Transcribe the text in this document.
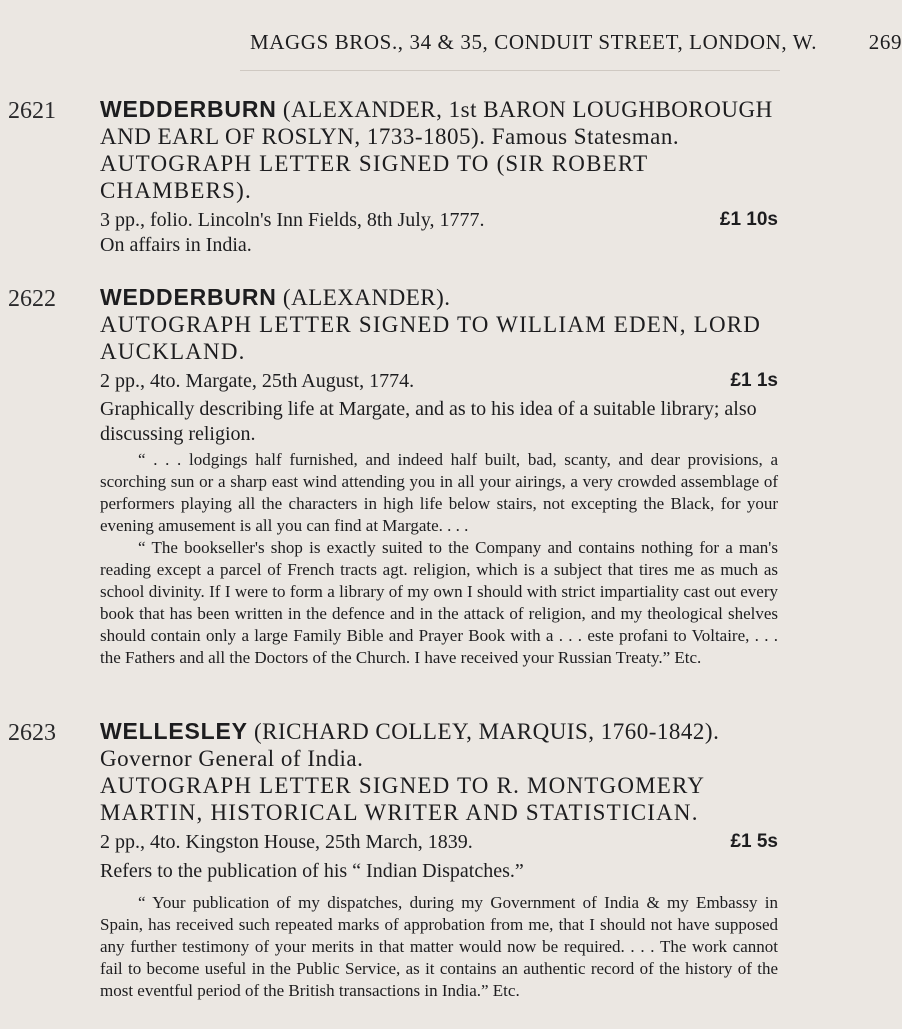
MAGGS BROS., 34 & 35, CONDUIT STREET, LONDON, W. 269
2621 WEDDERBURN (ALEXANDER, 1st BARON LOUGHBOROUGH AND EARL OF ROSLYN, 1733-1805). Famous Statesman.

AUTOGRAPH LETTER SIGNED TO (SIR ROBERT CHAMBERS).

3 pp., folio. Lincoln's Inn Fields, 8th July, 1777.	£1 10s

On affairs in India.

2622 WEDDERBURN (ALEXANDER).

AUTOGRAPH LETTER SIGNED TO WILLIAM EDEN, LORD AUCKLAND.

2 pp., 4to. Margate, 25th August, 1774.	£1 1s

Graphically describing life at Margate, and as to his idea of a suitable library; also discussing religion.

“ . . . lodgings half furnished, and indeed half built, bad, scanty, and dear provisions, a scorching sun or a sharp east wind attending you in all your airings, a very crowded assemblage of performers playing all the characters in high life below stairs, not excepting the Black, for your evening amusement is all you can find at Margate. . . .

“ The bookseller's shop is exactly suited to the Company and contains nothing for a man's reading except a parcel of French tracts agt. religion, which is a subject that tires me as much as school divinity. If I were to form a library of my own I should with strict impartiality cast out every book that has been written in the defence and in the attack of religion, and my theological shelves should contain only a large Family Bible and Prayer Book with a . . . este profani to Voltaire, . . . the Fathers and all the Doctors of the Church. I have received your Russian Treaty.” Etc.

2623 WELLESLEY (RICHARD COLLEY, MARQUIS, 1760-1842). Governor General of India.

AUTOGRAPH LETTER SIGNED TO R. MONTGOMERY MARTIN, HISTORICAL WRITER AND STATISTICIAN.

2 pp., 4to. Kingston House, 25th March, 1839.	£1 5s

Refers to the publication of his “ Indian Dispatches.”

“ Your publication of my dispatches, during my Government of India & my Embassy in Spain, has received such repeated marks of approbation from me, that I should not have supposed any further testimony of your merits in that matter would now be required. . . . The work cannot fail to become useful in the Public Service, as it contains an authentic record of the history of the most eventful period of the British transactions in India.” Etc.
